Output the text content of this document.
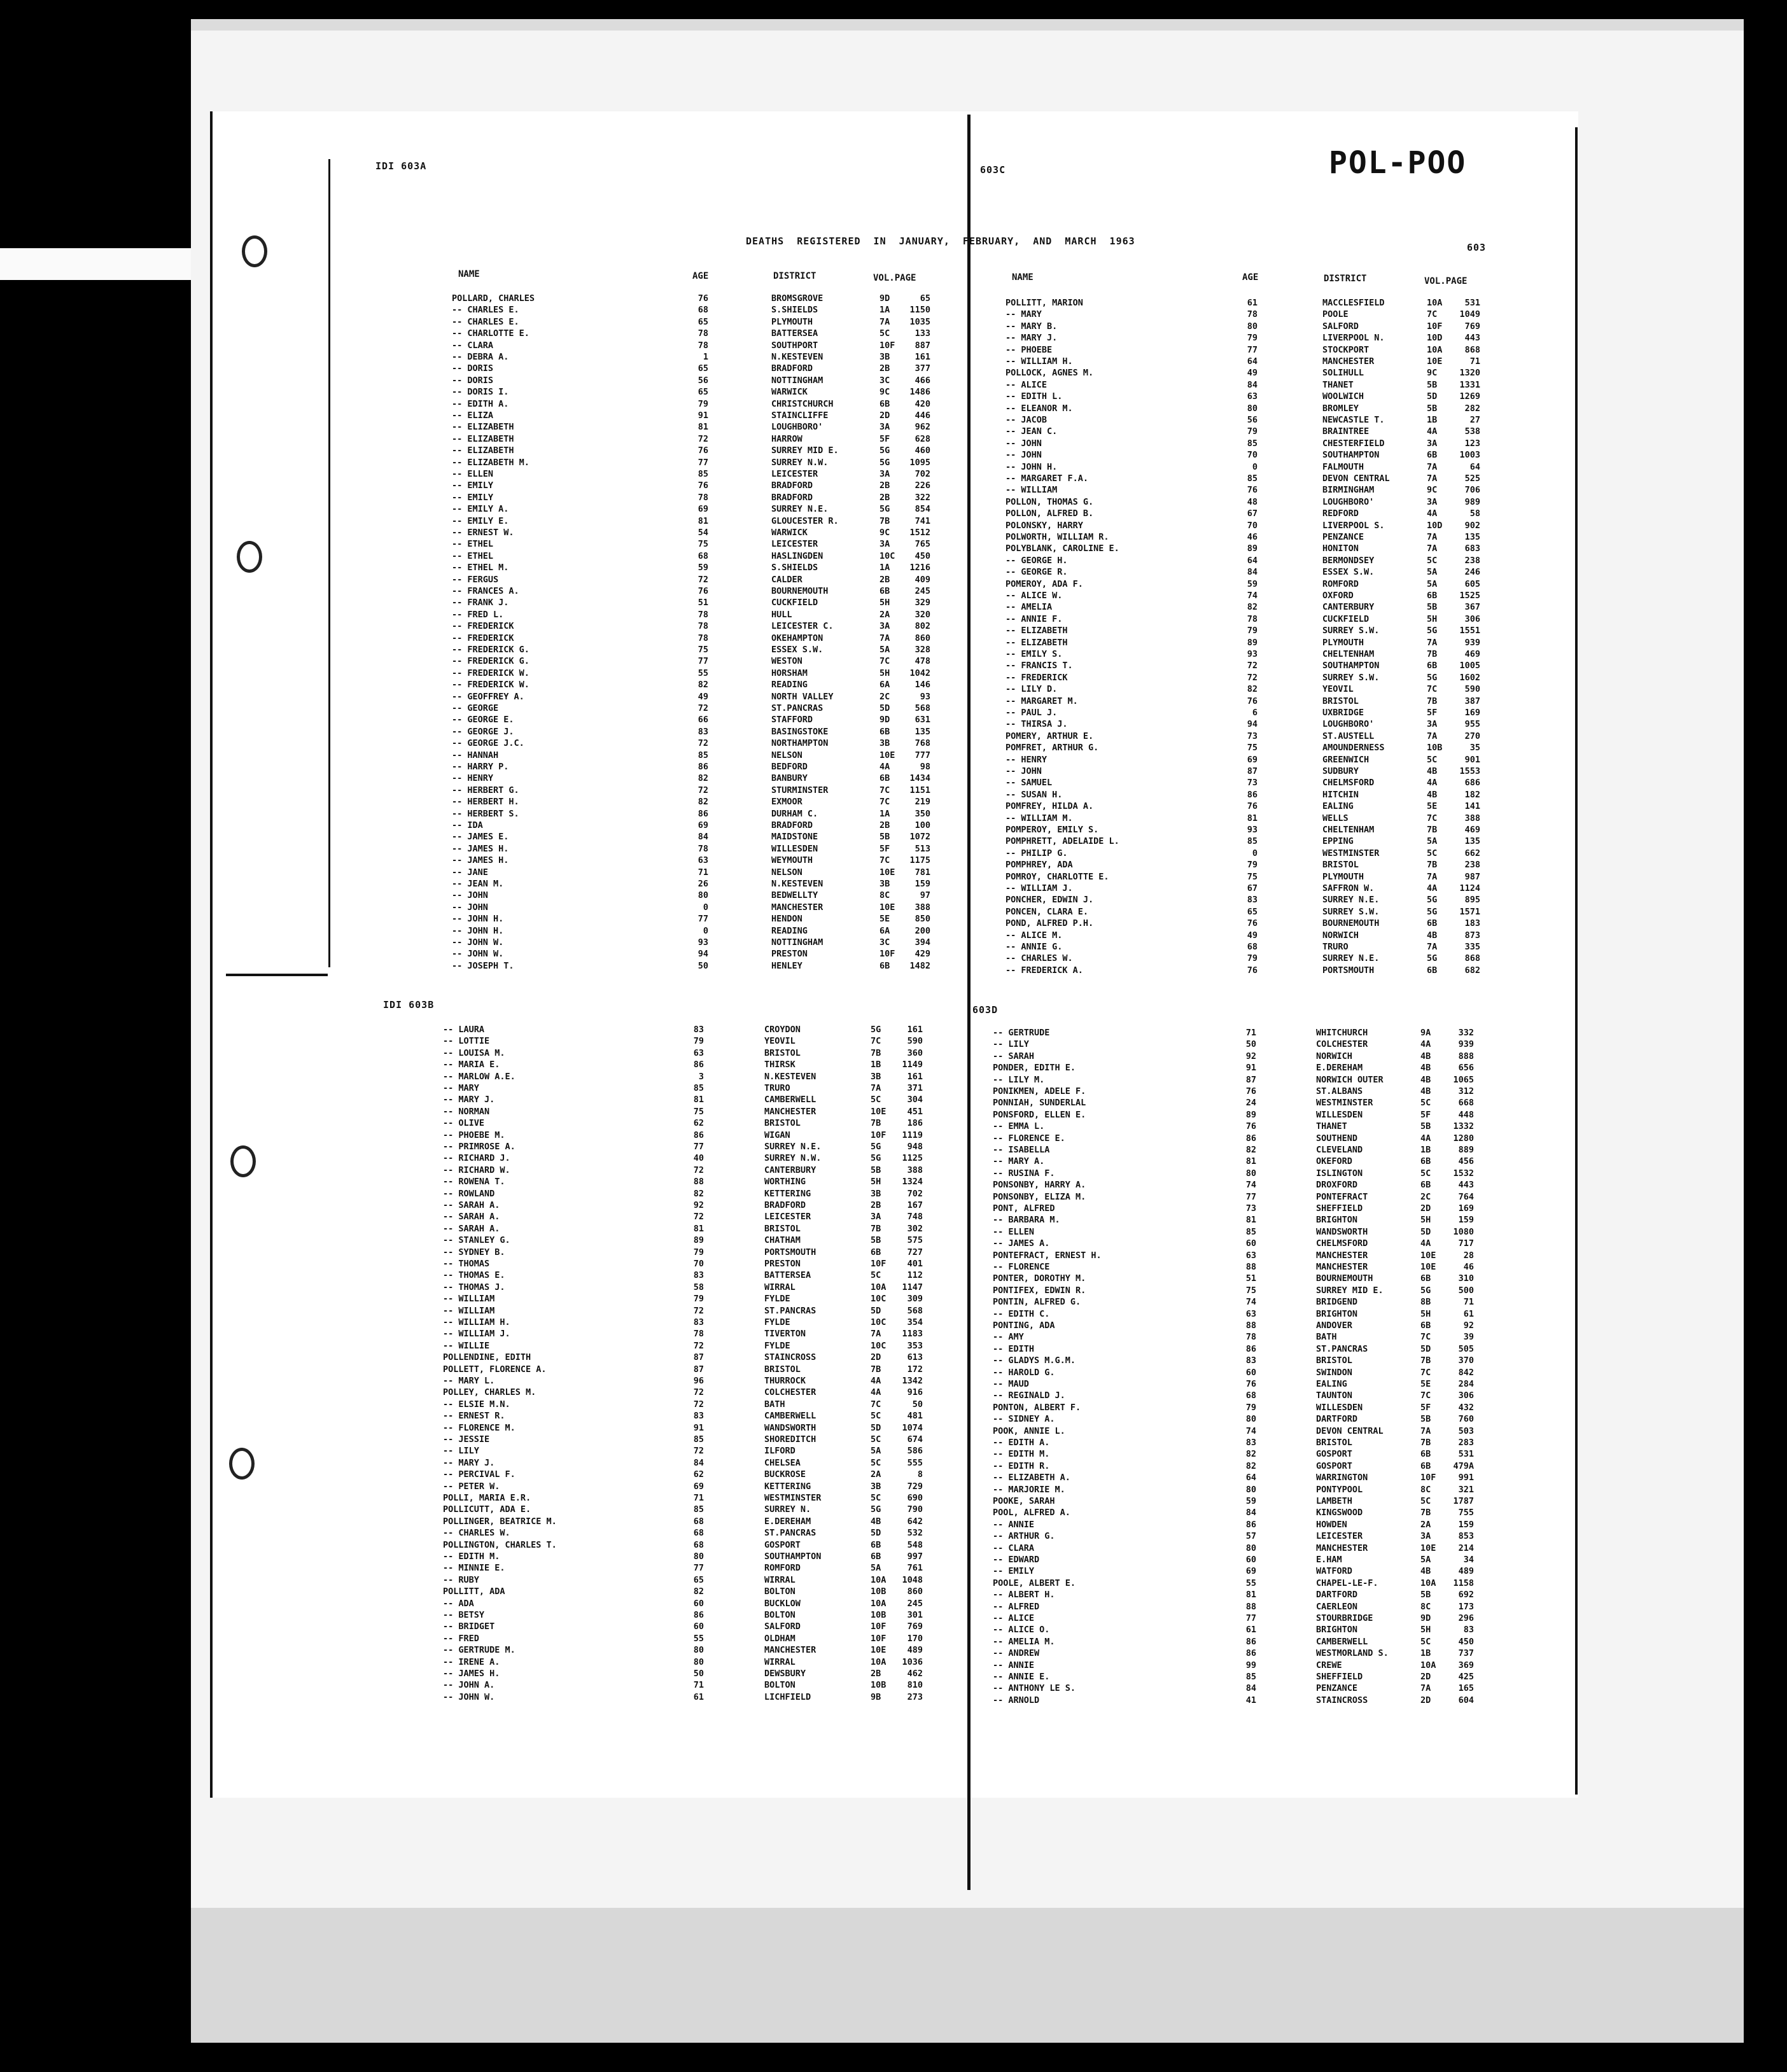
IDI 603A	603C	POL-POO
DEATHS REGISTERED IN JANUARY, FEBRUARY, AND MARCH 1963
603
IDI 603B	603D
NAME	AGE	DISTRICT	VOL.PAGE
POLLARD, CHARLES	76	BROMSGROVE	9D	65
-- CHARLES E.	68	S.SHIELDS	1A	1150
-- CHARLES E.	65	PLYMOUTH	7A	1035
-- CHARLOTTE E.	78	BATTERSEA	5C	133
-- CLARA	78	SOUTHPORT	10F	887
-- DEBRA A.	1	N.KESTEVEN	3B	161
-- DORIS	65	BRADFORD	2B	377
-- DORIS	56	NOTTINGHAM	3C	466
-- DORIS I.	65	WARWICK	9C	1486
-- EDITH A.	79	CHRISTCHURCH	6B	420
-- ELIZA	91	STAINCLIFFE	2D	446
-- ELIZABETH	81	LOUGHBORO'	3A	962
-- ELIZABETH	72	HARROW	5F	628
-- ELIZABETH	76	SURREY MID E.	5G	460
-- ELIZABETH M.	77	SURREY N.W.	5G	1095
-- ELLEN	85	LEICESTER	3A	702
-- EMILY	76	BRADFORD	2B	226
-- EMILY	78	BRADFORD	2B	322
-- EMILY A.	69	SURREY N.E.	5G	854
-- EMILY E.	81	GLOUCESTER R.	7B	741
-- ERNEST W.	54	WARWICK	9C	1512
-- ETHEL	75	LEICESTER	3A	765
-- ETHEL	68	HASLINGDEN	10C	450
-- ETHEL M.	59	S.SHIELDS	1A	1216
-- FERGUS	72	CALDER	2B	409
-- FRANCES A.	76	BOURNEMOUTH	6B	245
-- FRANK J.	51	CUCKFIELD	5H	329
-- FRED L.	78	HULL	2A	320
-- FREDERICK	78	LEICESTER C.	3A	802
-- FREDERICK	78	OKEHAMPTON	7A	860
-- FREDERICK G.	75	ESSEX S.W.	5A	328
-- FREDERICK G.	77	WESTON	7C	478
-- FREDERICK W.	55	HORSHAM	5H	1042
-- FREDERICK W.	82	READING	6A	146
-- GEOFFREY A.	49	NORTH VALLEY	2C	93
-- GEORGE	72	ST.PANCRAS	5D	568
-- GEORGE E.	66	STAFFORD	9D	631
-- GEORGE J.	83	BASINGSTOKE	6B	135
-- GEORGE J.C.	72	NORTHAMPTON	3B	768
-- HANNAH	85	NELSON	10E	777
-- HARRY P.	86	BEDFORD	4A	98
-- HENRY	82	BANBURY	6B	1434
-- HERBERT G.	72	STURMINSTER	7C	1151
-- HERBERT H.	82	EXMOOR	7C	219
-- HERBERT S.	86	DURHAM C.	1A	350
-- IDA	69	BRADFORD	2B	100
-- JAMES E.	84	MAIDSTONE	5B	1072
-- JAMES H.	78	WILLESDEN	5F	513
-- JAMES H.	63	WEYMOUTH	7C	1175
-- JANE	71	NELSON	10E	781
-- JEAN M.	26	N.KESTEVEN	3B	159
-- JOHN	80	BEDWELLTY	8C	97
-- JOHN	0	MANCHESTER	10E	388
-- JOHN H.	77	HENDON	5E	850
-- JOHN H.	0	READING	6A	200
-- JOHN W.	93	NOTTINGHAM	3C	394
-- JOHN W.	94	PRESTON	10F	429
-- JOSEPH T.	50	HENLEY	6B	1482
NAME	AGE	DISTRICT	VOL.PAGE
POLLITT, MARION	61	MACCLESFIELD	10A	531
-- MARY	78	POOLE	7C	1049
-- MARY B.	80	SALFORD	10F	769
-- MARY J.	79	LIVERPOOL N.	10D	443
-- PHOEBE	77	STOCKPORT	10A	868
-- WILLIAM H.	64	MANCHESTER	10E	71
POLLOCK, AGNES M.	49	SOLIHULL	9C	1320
-- ALICE	84	THANET	5B	1331
-- EDITH L.	63	WOOLWICH	5D	1269
-- ELEANOR M.	80	BROMLEY	5B	282
-- JACOB	56	NEWCASTLE T.	1B	27
-- JEAN C.	79	BRAINTREE	4A	538
-- JOHN	85	CHESTERFIELD	3A	123
-- JOHN	70	SOUTHAMPTON	6B	1003
-- JOHN H.	0	FALMOUTH	7A	64
-- MARGARET F.A.	85	DEVON CENTRAL	7A	525
-- WILLIAM	76	BIRMINGHAM	9C	706
POLLON, THOMAS G.	48	LOUGHBORO'	3A	989
POLLON, ALFRED B.	67	REDFORD	4A	58
POLONSKY, HARRY	70	LIVERPOOL S.	10D	902
POLWORTH, WILLIAM R.	46	PENZANCE	7A	135
POLYBLANK, CAROLINE E.	89	HONITON	7A	683
-- GEORGE H.	64	BERMONDSEY	5C	238
-- GEORGE R.	84	ESSEX S.W.	5A	246
POMEROY, ADA F.	59	ROMFORD	5A	605
-- ALICE W.	74	OXFORD	6B	1525
-- AMELIA	82	CANTERBURY	5B	367
-- ANNIE F.	78	CUCKFIELD	5H	306
-- ELIZABETH	79	SURREY S.W.	5G	1551
-- ELIZABETH	89	PLYMOUTH	7A	939
-- EMILY S.	93	CHELTENHAM	7B	469
-- FRANCIS T.	72	SOUTHAMPTON	6B	1005
-- FREDERICK	72	SURREY S.W.	5G	1602
-- LILY D.	82	YEOVIL	7C	590
-- MARGARET M.	76	BRISTOL	7B	387
-- PAUL J.	6	UXBRIDGE	5F	169
-- THIRSA J.	94	LOUGHBORO'	3A	955
POMERY, ARTHUR E.	73	ST.AUSTELL	7A	270
POMFRET, ARTHUR G.	75	AMOUNDERNESS	10B	35
-- HENRY	69	GREENWICH	5C	901
-- JOHN	87	SUDBURY	4B	1553
-- SAMUEL	73	CHELMSFORD	4A	686
-- SUSAN H.	86	HITCHIN	4B	182
POMFREY, HILDA A.	76	EALING	5E	141
-- WILLIAM M.	81	WELLS	7C	388
POMPEROY, EMILY S.	93	CHELTENHAM	7B	469
POMPHRETT, ADELAIDE L.	85	EPPING	5A	135
-- PHILIP G.	0	WESTMINSTER	5C	662
POMPHREY, ADA	79	BRISTOL	7B	238
POMROY, CHARLOTTE E.	75	PLYMOUTH	7A	987
-- WILLIAM J.	67	SAFFRON W.	4A	1124
PONCHER, EDWIN J.	83	SURREY N.E.	5G	895
PONCEN, CLARA E.	65	SURREY S.W.	5G	1571
POND, ALFRED P.H.	76	BOURNEMOUTH	6B	183
-- ALICE M.	49	NORWICH	4B	873
-- ANNIE G.	68	TRURO	7A	335
-- CHARLES W.	79	SURREY N.E.	5G	868
-- FREDERICK A.	76	PORTSMOUTH	6B	682
-- LAURA	83	CROYDON	5G	161
-- LOTTIE	79	YEOVIL	7C	590
-- LOUISA M.	63	BRISTOL	7B	360
-- MARIA E.	86	THIRSK	1B	1149
-- MARLOW A.E.	3	N.KESTEVEN	3B	161
-- MARY	85	TRURO	7A	371
-- MARY J.	81	CAMBERWELL	5C	304
-- NORMAN	75	MANCHESTER	10E	451
-- OLIVE	62	BRISTOL	7B	186
-- PHOEBE M.	86	WIGAN	10F	1119
-- PRIMROSE A.	77	SURREY N.E.	5G	948
-- RICHARD J.	40	SURREY N.W.	5G	1125
-- RICHARD W.	72	CANTERBURY	5B	388
-- ROWENA T.	88	WORTHING	5H	1324
-- ROWLAND	82	KETTERING	3B	702
-- SARAH A.	92	BRADFORD	2B	167
-- SARAH A.	72	LEICESTER	3A	748
-- SARAH A.	81	BRISTOL	7B	302
-- STANLEY G.	89	CHATHAM	5B	575
-- SYDNEY B.	79	PORTSMOUTH	6B	727
-- THOMAS	70	PRESTON	10F	401
-- THOMAS E.	83	BATTERSEA	5C	112
-- THOMAS J.	58	WIRRAL	10A	1147
-- WILLIAM	79	FYLDE	10C	309
-- WILLIAM	72	ST.PANCRAS	5D	568
-- WILLIAM H.	83	FYLDE	10C	354
-- WILLIAM J.	78	TIVERTON	7A	1183
-- WILLIE	72	FYLDE	10C	353
POLLENDINE, EDITH	87	STAINCROSS	2D	613
POLLETT, FLORENCE A.	87	BRISTOL	7B	172
-- MARY L.	96	THURROCK	4A	1342
POLLEY, CHARLES M.	72	COLCHESTER	4A	916
-- ELSIE M.N.	72	BATH	7C	50
-- ERNEST R.	83	CAMBERWELL	5C	481
-- FLORENCE M.	91	WANDSWORTH	5D	1074
-- JESSIE	85	SHOREDITCH	5C	674
-- LILY	72	ILFORD	5A	586
-- MARY J.	84	CHELSEA	5C	555
-- PERCIVAL F.	62	BUCKROSE	2A	8
-- PETER W.	69	KETTERING	3B	729
POLLI, MARIA E.R.	71	WESTMINSTER	5C	690
POLLICUTT, ADA E.	85	SURREY N.	5G	790
POLLINGER, BEATRICE M.	68	E.DEREHAM	4B	642
-- CHARLES W.	68	ST.PANCRAS	5D	532
POLLINGTON, CHARLES T.	68	GOSPORT	6B	548
-- EDITH M.	80	SOUTHAMPTON	6B	997
-- MINNIE E.	77	ROMFORD	5A	761
-- RUBY	65	WIRRAL	10A	1048
POLLITT, ADA	82	BOLTON	10B	860
-- ADA	60	BUCKLOW	10A	245
-- BETSY	86	BOLTON	10B	301
-- BRIDGET	60	SALFORD	10F	769
-- FRED	55	OLDHAM	10F	170
-- GERTRUDE M.	80	MANCHESTER	10E	489
-- IRENE A.	80	WIRRAL	10A	1036
-- JAMES H.	50	DEWSBURY	2B	462
-- JOHN A.	71	BOLTON	10B	810
-- JOHN W.	61	LICHFIELD	9B	273
-- GERTRUDE	71	WHITCHURCH	9A	332
-- LILY	50	COLCHESTER	4A	939
-- SARAH	92	NORWICH	4B	888
PONDER, EDITH E.	91	E.DEREHAM	4B	656
-- LILY M.	87	NORWICH OUTER	4B	1065
PONIKMEN, ADELE F.	76	ST.ALBANS	4B	312
PONNIAH, SUNDERLAL	24	WESTMINSTER	5C	668
PONSFORD, ELLEN E.	89	WILLESDEN	5F	448
-- EMMA L.	76	THANET	5B	1332
-- FLORENCE E.	86	SOUTHEND	4A	1280
-- ISABELLA	82	CLEVELAND	1B	889
-- MARY A.	81	OKEFORD	6B	456
-- RUSINA F.	80	ISLINGTON	5C	1532
PONSONBY, HARRY A.	74	DROXFORD	6B	443
PONSONBY, ELIZA M.	77	PONTEFRACT	2C	764
PONT, ALFRED	73	SHEFFIELD	2D	169
-- BARBARA M.	81	BRIGHTON	5H	159
-- ELLEN	85	WANDSWORTH	5D	1080
-- JAMES A.	60	CHELMSFORD	4A	717
PONTEFRACT, ERNEST H.	63	MANCHESTER	10E	28
-- FLORENCE	88	MANCHESTER	10E	46
PONTER, DOROTHY M.	51	BOURNEMOUTH	6B	310
PONTIFEX, EDWIN R.	75	SURREY MID E.	5G	500
PONTIN, ALFRED G.	74	BRIDGEND	8B	71
-- EDITH C.	63	BRIGHTON	5H	61
PONTING, ADA	88	ANDOVER	6B	92
-- AMY	78	BATH	7C	39
-- EDITH	86	ST.PANCRAS	5D	505
-- GLADYS M.G.M.	83	BRISTOL	7B	370
-- HAROLD G.	60	SWINDON	7C	842
-- MAUD	76	EALING	5E	284
-- REGINALD J.	68	TAUNTON	7C	306
PONTON, ALBERT F.	79	WILLESDEN	5F	432
-- SIDNEY A.	80	DARTFORD	5B	760
POOK, ANNIE L.	74	DEVON CENTRAL	7A	503
-- EDITH A.	83	BRISTOL	7B	283
-- EDITH M.	82	GOSPORT	6B	531
-- EDITH R.	82	GOSPORT	6B	479A
-- ELIZABETH A.	64	WARRINGTON	10F	991
-- MARJORIE M.	80	PONTYPOOL	8C	321
POOKE, SARAH	59	LAMBETH	5C	1787
POOL, ALFRED A.	84	KINGSWOOD	7B	755
-- ANNIE	86	HOWDEN	2A	159
-- ARTHUR G.	57	LEICESTER	3A	853
-- CLARA	80	MANCHESTER	10E	214
-- EDWARD	60	E.HAM	5A	34
-- EMILY	69	WATFORD	4B	489
POOLE, ALBERT E.	55	CHAPEL-LE-F.	10A	1158
-- ALBERT H.	81	DARTFORD	5B	692
-- ALFRED	88	CAERLEON	8C	173
-- ALICE	77	STOURBRIDGE	9D	296
-- ALICE O.	61	BRIGHTON	5H	83
-- AMELIA M.	86	CAMBERWELL	5C	450
-- ANDREW	86	WESTMORLAND S.	1B	737
-- ANNIE	99	CREWE	10A	369
-- ANNIE E.	85	SHEFFIELD	2D	425
-- ANTHONY LE S.	84	PENZANCE	7A	165
-- ARNOLD	41	STAINCROSS	2D	604
